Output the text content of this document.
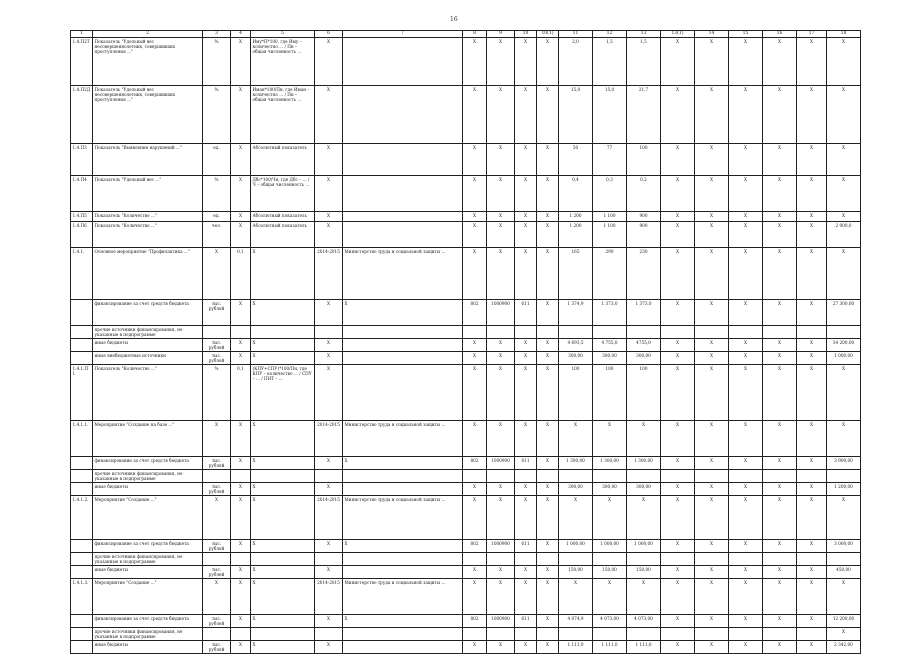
16
1	2	3	4	5	6	7	8	9	10	10(1)	11	12	13	13(1)	14	15	16	17	18
1.4.П2Т	Показатель "Удельный вес несовершеннолетних, совершивших преступления ..."	%	Х	Иму*П*100, где Иму – количество ... / Пн – общая численность ...	Х		Х	Х	Х	Х	2,0	1,5	1,5	Х	Х	Х	Х	Х	Х
1.4.П2Д	Показатель "Удельный вес несовершеннолетних, совершивших преступления ..."	%	Х	Иман*100/Пн, где Иман – количество ... / Пн – общая численность ...	Х		Х	Х	Х	Х	15,0	15,0	21,7	Х	Х	Х	Х	Х	Х
1.4.П3	Показатель "Выявление нарушений ..."	ед.	Х	Абсолютный показатель	Х		Х	Х	Х	Х	50	77	100	Х	Х	Х	Х	Х	Х
1.4.П4	Показатель "Удельный вес ..."	%	Х	Дбс*100/Чн, где Дбс – ... / Ч – общая численность ...	Х		Х	Х	Х	Х	0,4	0,3	0,2	Х	Х	Х	Х	Х	Х
1.4.П5	Показатель "Количество ..."	ед.	Х	Абсолютный показатель	Х		Х	Х	Х	Х	1 200	1 100	900	Х	Х	Х	Х	Х	Х
1.4.П6	Показатель "Количество ..."	чел.	Х	Абсолютный показатель	Х		Х	Х	Х	Х	1 200	1 100	900	Х	Х	Х	Х	Х	2 000,0
1.4.1.	Основное мероприятие "Профилактика ..."	Х	0,1	Х	2014-2015	Министерство труда и социальной защиты ...	Х	Х	Х	Х	165	290	230	Х	Х	Х	Х	Х	Х
	финансирование за счет средств бюджета	тыс. рублей	Х	Х	Х	Х	802	1000900	611	Х	1 374,9	1 373,0	1 373,0	Х	Х	Х	Х	Х	27 300,00
	прочие источники финансирования, не указанные в подпрограмме																		
	иные бюджеты	тыс. рублей	Х	Х	Х		Х	Х	Х	Х	4 693,5	4 755,0	4755,0	Х	Х	Х	Х	Х	34 200,00
	иные внебюджетные источники	тыс. рублей	Х	Х	Х		Х	Х	Х	Х	300,00	300,00	300,00	Х	Х	Х	Х	Х	1 000,00
1.4.1.П1	Показатель "Количество ..."	%	0,1	(КПУ+СПУ)*100/Пн, где КПУ – количество ... / СПУ – ... / ПНТ – ...	Х		Х	Х	Х	Х	100	100	100	Х	Х	Х	Х	Х	Х
1.4.1.1.	Мероприятие "Создание на базе ..."	Х	Х	Х	2014-2015	Министерство труда и социальной защиты ...	Х	Х	Х	Х	Х	Х	Х	Х	Х	Х	Х	Х	Х
	финансирование за счет средств бюджета	тыс. рублей	Х	Х	Х	Х	802	1000900	611	Х	1 300,00	1 300,00	1 300,00	Х	Х	Х	Х	Х	3 900,00
	прочие источники финансирования, не указанные в подпрограмме																		
	иные бюджеты	тыс. рублей	Х	Х	Х		Х	Х	Х	Х	300,00	300,00	300,00	Х	Х	Х	Х	Х	1 200,00
1.4.1.2.	Мероприятие "Создание ..."	Х	Х	Х	2014-2015	Министерство труда и социальной защиты ...	Х	Х	Х	Х	Х	Х	Х	Х	Х	Х	Х	Х	Х
	финансирование за счет средств бюджета	тыс. рублей	Х	Х	Х	Х	802	1000900	611	Х	1 000,00	1 000,00	1 000,00	Х	Х	Х	Х	Х	3 000,00
	прочие источники финансирования, не указанные в подпрограмме																		
	иные бюджеты	тыс. рублей	Х	Х	Х		Х	Х	Х	Х	150,00	150,00	150,00	Х	Х	Х	Х	Х	450,00
1.4.1.3.	Мероприятие "Создание ..."	Х	Х	Х	2014-2015	Министерство труда и социальной защиты ...	Х	Х	Х	Х	Х	Х	Х	Х	Х	Х	Х	Х	Х
	финансирование за счет средств бюджета	тыс. рублей	Х	Х	Х	Х	802	1000900	611	Х	4 074,9	4 073,00	4 073,00	Х	Х	Х	Х	Х	12 200,00
	прочие источники финансирования, не указанные в подпрограмме																		Х
	иные бюджеты	тыс. рублей	Х	Х	Х		Х	Х	Х	Х	1 111,0	1 111,0	1 111,0	Х	Х	Х	Х	Х	2 342,00
